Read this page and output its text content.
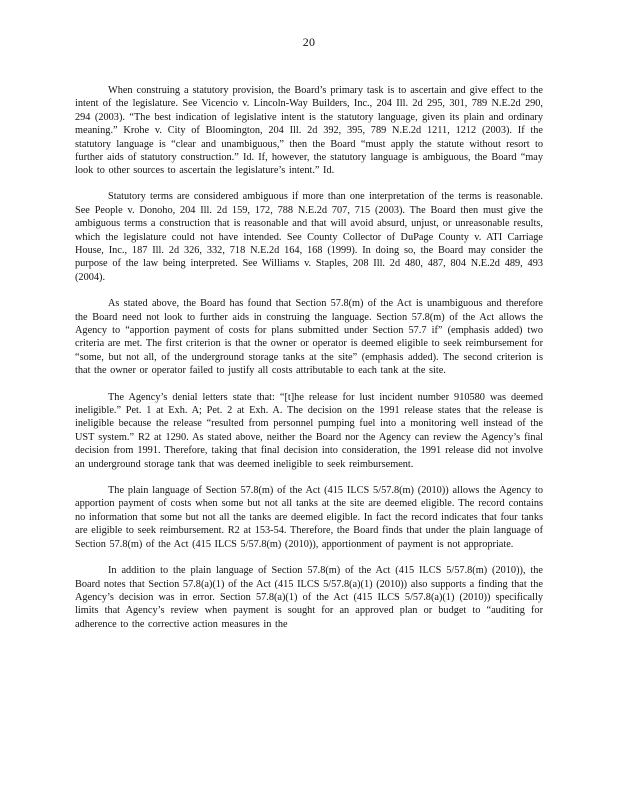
20

When construing a statutory provision, the Board’s primary task is to ascertain and give effect to the intent of the legislature. See Vicencio v. Lincoln-Way Builders, Inc., 204 Ill. 2d 295, 301, 789 N.E.2d 290, 294 (2003). “The best indication of legislative intent is the statutory language, given its plain and ordinary meaning.” Krohe v. City of Bloomington, 204 Ill. 2d 392, 395, 789 N.E.2d 1211, 1212 (2003). If the statutory language is “clear and unambiguous,” then the Board “must apply the statute without resort to further aids of statutory construction.” Id. If, however, the statutory language is ambiguous, the Board “may look to other sources to ascertain the legislature’s intent.” Id.

Statutory terms are considered ambiguous if more than one interpretation of the terms is reasonable. See People v. Donoho, 204 Ill. 2d 159, 172, 788 N.E.2d 707, 715 (2003). The Board then must give the ambiguous terms a construction that is reasonable and that will avoid absurd, unjust, or unreasonable results, which the legislature could not have intended. See County Collector of DuPage County v. ATI Carriage House, Inc., 187 Ill. 2d 326, 332, 718 N.E.2d 164, 168 (1999). In doing so, the Board may consider the purpose of the law being interpreted. See Williams v. Staples, 208 Ill. 2d 480, 487, 804 N.E.2d 489, 493 (2004).

As stated above, the Board has found that Section 57.8(m) of the Act is unambiguous and therefore the Board need not look to further aids in construing the language. Section 57.8(m) of the Act allows the Agency to “apportion payment of costs for plans submitted under Section 57.7 if” (emphasis added) two criteria are met. The first criterion is that the owner or operator is deemed eligible to seek reimbursement for “some, but not all, of the underground storage tanks at the site” (emphasis added). The second criterion is that the owner or operator failed to justify all costs attributable to each tank at the site.

The Agency’s denial letters state that: “[t]he release for lust incident number 910580 was deemed ineligible.” Pet. 1 at Exh. A; Pet. 2 at Exh. A. The decision on the 1991 release states that the release is ineligible because the release “resulted from personnel pumping fuel into a monitoring well instead of the UST system.” R2 at 1290. As stated above, neither the Board nor the Agency can review the Agency’s final decision from 1991. Therefore, taking that final decision into consideration, the 1991 release did not involve an underground storage tank that was deemed ineligible to seek reimbursement.

The plain language of Section 57.8(m) of the Act (415 ILCS 5/57.8(m) (2010)) allows the Agency to apportion payment of costs when some but not all tanks at the site are deemed eligible. The record contains no information that some but not all the tanks are deemed eligible. In fact the record indicates that four tanks are eligible to seek reimbursement. R2 at 153-54. Therefore, the Board finds that under the plain language of Section 57.8(m) of the Act (415 ILCS 5/57.8(m) (2010)), apportionment of payment is not appropriate.

In addition to the plain language of Section 57.8(m) of the Act (415 ILCS 5/57.8(m) (2010)), the Board notes that Section 57.8(a)(1) of the Act (415 ILCS 5/57.8(a)(1) (2010)) also supports a finding that the Agency’s decision was in error. Section 57.8(a)(1) of the Act (415 ILCS 5/57.8(a)(1) (2010)) specifically limits that Agency’s review when payment is sought for an approved plan or budget to “auditing for adherence to the corrective action measures in the
